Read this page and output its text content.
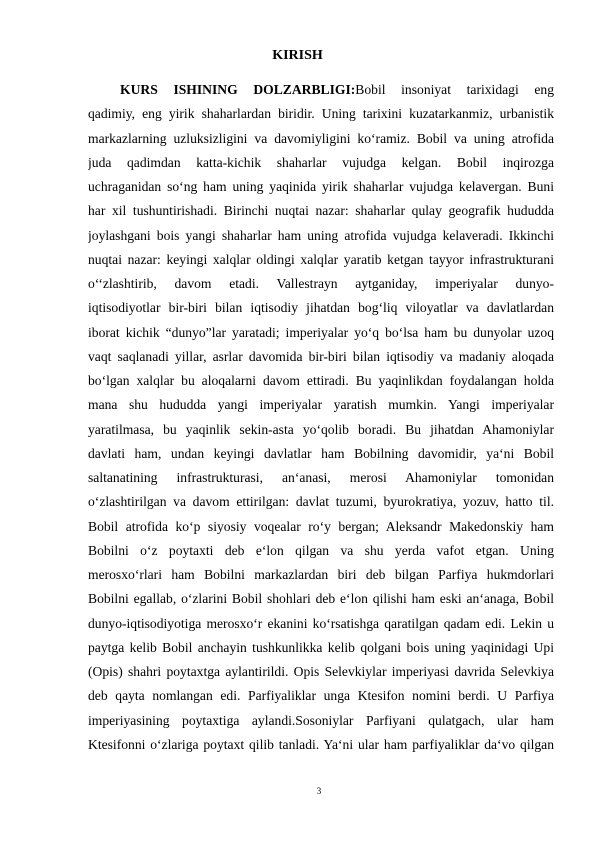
KIRISH
KURS ISHINING DOLZARBLIGI:Bobil insoniyat tarixidagi eng
qadimiy, eng yirik shaharlardan biridir. Uning tarixini kuzatarkanmiz, urbanistik
markazlarning uzluksizligini va davomiyligini ko‘ramiz. Bobil va uning atrofida
juda qadimdan katta-kichik shaharlar vujudga kelgan. Bobil inqirozga
uchraganidan so‘ng ham uning yaqinida yirik shaharlar vujudga kelavergan. Buni
har xil tushuntirishadi. Birinchi nuqtai nazar: shaharlar qulay geografik hududda
joylashgani bois yangi shaharlar ham uning atrofida vujudga kelaveradi. Ikkinchi
nuqtai nazar: keyingi xalqlar oldingi xalqlar yaratib ketgan tayyor infrastrukturani
o‘‘zlashtirib, davom etadi. Vallestrayn aytganiday, imperiyalar dunyo-
iqtisodiyotlar bir-biri bilan iqtisodiy jihatdan bog‘liq viloyatlar va davlatlardan
iborat kichik “dunyo”lar yaratadi; imperiyalar yo‘q bo‘lsa ham bu dunyolar uzoq
vaqt saqlanadi yillar, asrlar davomida bir-biri bilan iqtisodiy va madaniy aloqada
bo‘lgan xalqlar bu aloqalarni davom ettiradi. Bu yaqinlikdan foydalangan holda
mana shu hududda yangi imperiyalar yaratish mumkin. Yangi imperiyalar
yaratilmasa, bu yaqinlik sekin-asta yo‘qolib boradi. Bu jihatdan Ahamoniylar
davlati ham, undan keyingi davlatlar ham Bobilning davomidir, ya‘ni Bobil
saltanatining infrastrukturasi, an‘anasi, merosi Ahamoniylar tomonidan
o‘zlashtirilgan va davom ettirilgan: davlat tuzumi, byurokratiya, yozuv, hatto til.
Bobil atrofida ko‘p siyosiy voqealar ro‘y bergan; Aleksandr Makedonskiy ham
Bobilni o‘z poytaxti deb e‘lon qilgan va shu yerda vafot etgan. Uning
merosxo‘rlari ham Bobilni markazlardan biri deb bilgan Parfiya hukmdorlari
Bobilni egallab, o‘zlarini Bobil shohlari deb e‘lon qilishi ham eski an‘anaga, Bobil
dunyo-iqtisodiyotiga merosxo‘r ekanini ko‘rsatishga qaratilgan qadam edi. Lekin u
paytga kelib Bobil anchayin tushkunlikka kelib qolgani bois uning yaqinidagi Upi
(Opis) shahri poytaxtga aylantirildi. Opis Selevkiylar imperiyasi davrida Selevkiya
deb qayta nomlangan edi. Parfiyaliklar unga Ktesifon nomini berdi. U Parfiya
imperiyasining poytaxtiga aylandi.Sosoniylar Parfiyani qulatgach, ular ham
Ktesifonni o‘zlariga poytaxt qilib tanladi. Ya‘ni ular ham parfiyaliklar da‘vo qilgan
3
